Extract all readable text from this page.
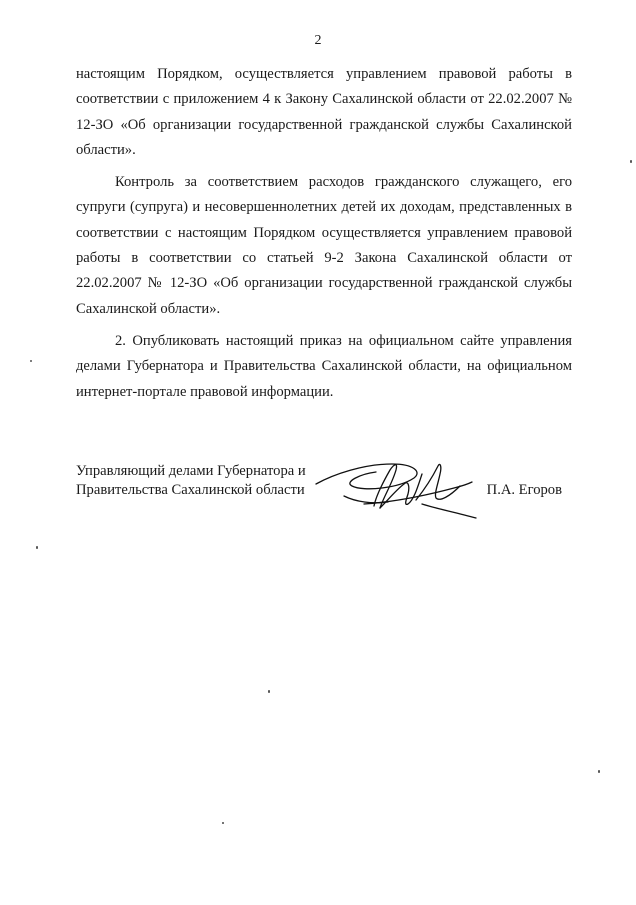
2

настоящим Порядком, осуществляется управлением правовой работы в соответствии с приложением 4 к Закону Сахалинской области от 22.02.2007 № 12-ЗО «Об организации государственной гражданской службы Сахалинской области».

Контроль за соответствием расходов гражданского служащего, его супруги (супруга) и несовершеннолетних детей их доходам, представленных в соответствии с настоящим Порядком осуществляется управлением правовой работы в соответствии со статьей 9-2 Закона Сахалинской области от 22.02.2007 № 12-ЗО «Об организации государственной гражданской службы Сахалинской области».

2. Опубликовать настоящий приказ на официальном сайте управления делами Губернатора и Правительства Сахалинской области, на официальном интернет-портале правовой информации.

Управляющий делами Губернатора и
Правительства Сахалинской области	П.А. Егоров
